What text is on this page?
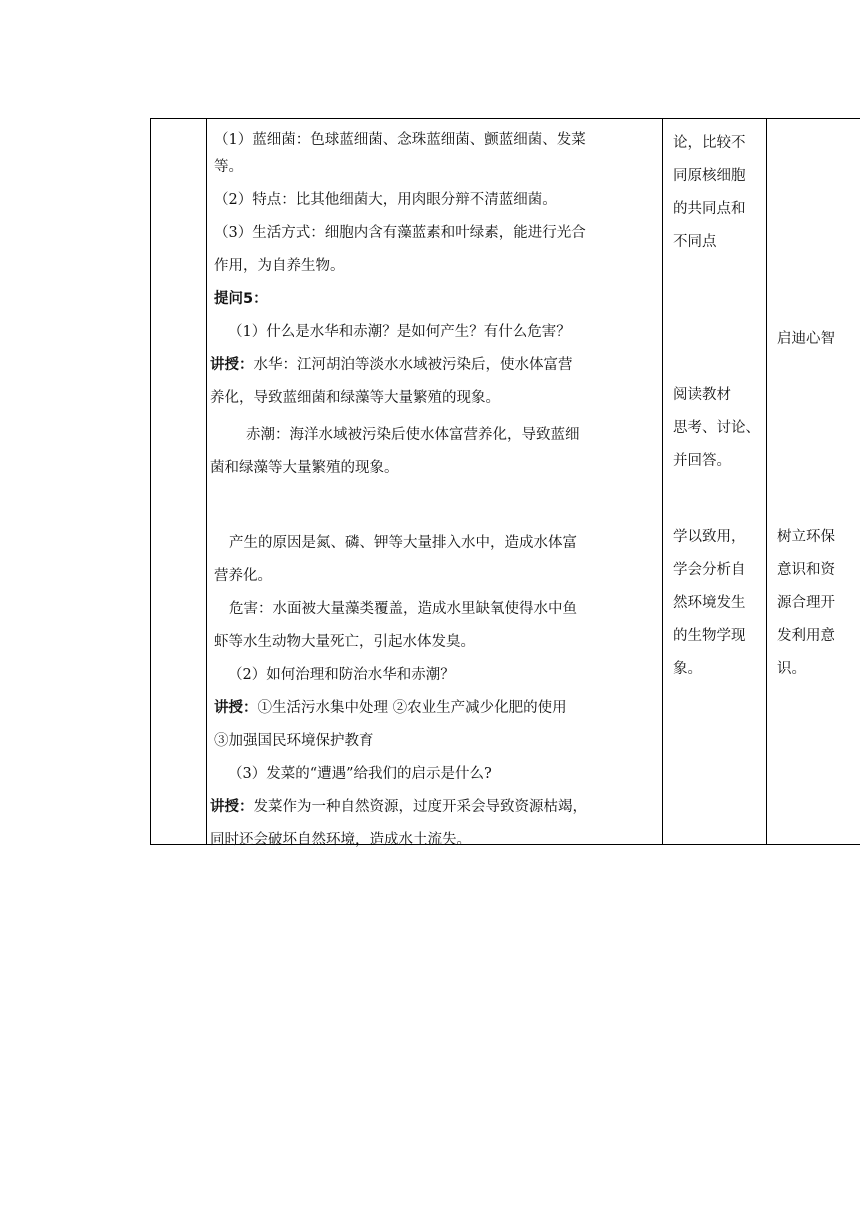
（1）蓝细菌：色球蓝细菌、念珠蓝细菌、颤蓝细菌、发菜

等。

（2）特点：比其他细菌大，用肉眼分辩不清蓝细菌。

（3）生活方式：细胞内含有藻蓝素和叶绿素，能进行光合

作用，为自养生物。

提问5：

（1）什么是水华和赤潮？是如何产生？有什么危害？

讲授：水华：江河胡泊等淡水水域被污染后，使水体富营

养化，导致蓝细菌和绿藻等大量繁殖的现象。

赤潮：海洋水域被污染后使水体富营养化，导致蓝细

菌和绿藻等大量繁殖的现象。

产生的原因是氮、磷、钾等大量排入水中，造成水体富

营养化。

危害：水面被大量藻类覆盖，造成水里缺氧使得水中鱼

虾等水生动物大量死亡，引起水体发臭。

（2）如何治理和防治水华和赤潮？

讲授：①生活污水集中处理 ②农业生产减少化肥的使用

③加强国民环境保护教育

（3）发菜的“遭遇”给我们的启示是什么?

讲授：发菜作为一种自然资源，过度开采会导致资源枯竭，

同时还会破坏自然环境，造成水土流失。

论，比较不

同原核细胞

的共同点和

不同点

阅读教材

思考、讨论、

并回答。

学以致用，

学会分析自

然环境发生

的生物学现

象。

启迪心智

树立环保

意识和资

源合理开

发利用意

识。
